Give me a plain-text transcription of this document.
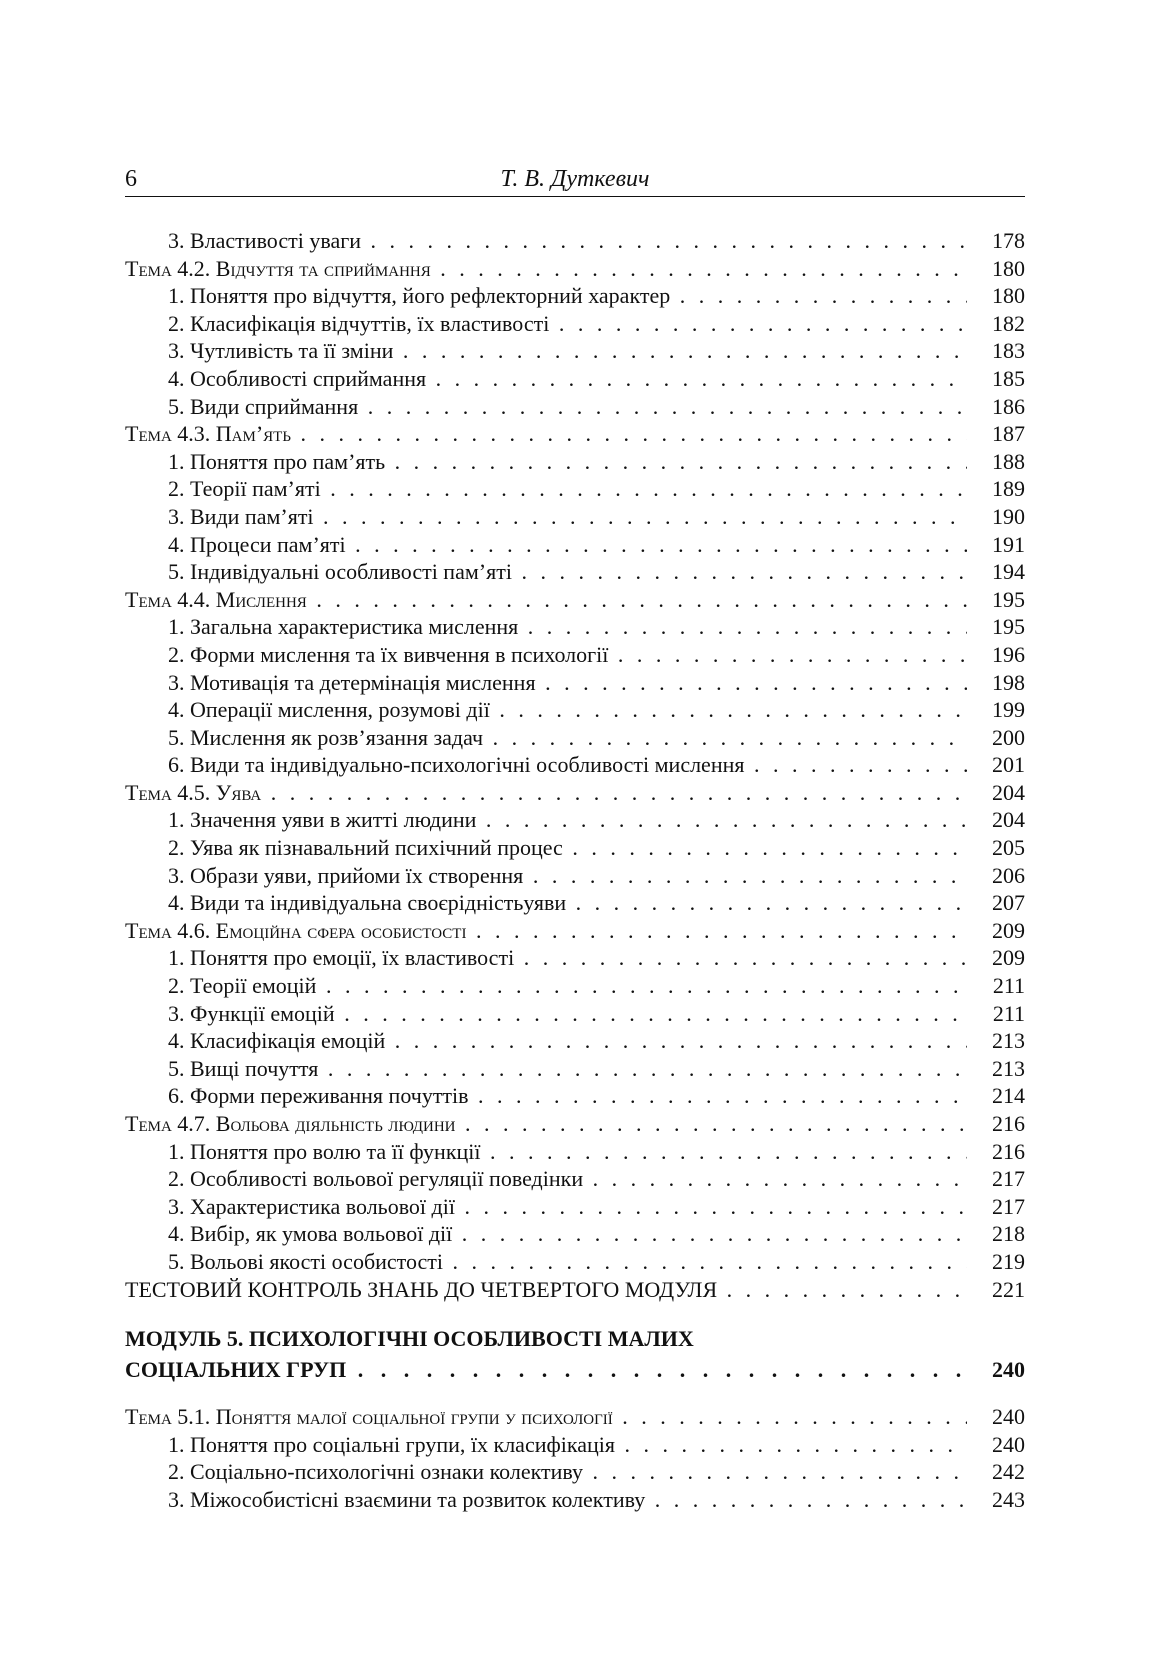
6	Т. В. Дуткевич
3. Властивості уваги . . .	178
Тема 4.2. Відчуття та сприймання . . .	180
1. Поняття про відчуття, його рефлекторний характер . . .	180
2. Класифікація відчуттів, їх властивості . . .	182
3. Чутливість та її зміни . . .	183
4. Особливості сприймання . . .	185
5. Види сприймання . . .	186
Тема 4.3. Пам’ять . . .	187
1. Поняття про пам’ять . . .	188
2. Теорії пам’яті . . .	189
3. Види пам’яті . . .	190
4. Процеси пам’яті . . .	191
5. Індивідуальні особливості пам’яті . . .	194
Тема 4.4. Мислення . . .	195
1. Загальна характеристика мислення . . .	195
2. Форми мислення та їх вивчення в психології . . .	196
3. Мотивація та детермінація мислення . . .	198
4. Операції мислення, розумові дії . . .	199
5. Мислення як розв’язання задач . . .	200
6. Види та індивідуально-психологічні особливості мислення . . .	201
Тема 4.5. Уява . . .	204
1. Значення уяви в житті людини . . .	204
2. Уява як пізнавальний психічний процес . . .	205
3. Образи уяви, прийоми їх створення . . .	206
4. Види та індивідуальна своєрідністьуяви . . .	207
Тема 4.6. Емоційна сфера особистості . . .	209
1. Поняття про емоції, їх властивості . . .	209
2. Теорії емоцій . . .	211
3. Функції емоцій . . .	211
4. Класифікація емоцій . . .	213
5. Вищі почуття . . .	213
6. Форми переживання почуттів . . .	214
Тема 4.7. Вольова діяльність людини . . .	216
1. Поняття про волю та її функції . . .	216
2. Особливості вольової регуляції поведінки . . .	217
3. Характеристика вольової дії . . .	217
4. Вибір, як умова вольової дії . . .	218
5. Вольові якості особистості . . .	219
ТЕСТОВИЙ КОНТРОЛЬ ЗНАНЬ ДО ЧЕТВЕРТОГО МОДУЛЯ . . .	221
МОДУЛЬ 5. ПСИХОЛОГІЧНІ ОСОБЛИВОСТІ МАЛИХ
СОЦІАЛЬНИХ ГРУП . . .	240
Тема 5.1. Поняття малої соціальної групи у психології . . .	240
1. Поняття про соціальні групи, їх класифікація . . .	240
2. Соціально-психологічні ознаки колективу . . .	242
3. Міжособистісні взаємини та розвиток колективу . . .	243
